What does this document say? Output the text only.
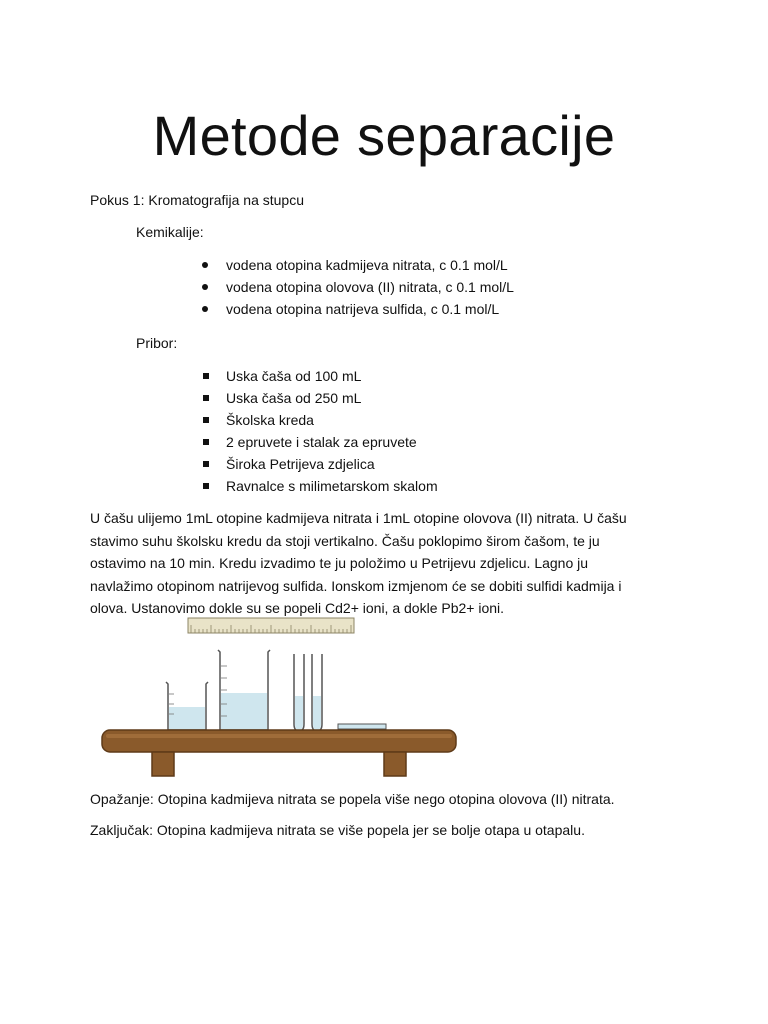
Metode separacije
Pokus 1: Kromatografija na stupcu
Kemikalije:
vodena otopina kadmijeva nitrata, c 0.1 mol/L
vodena otopina olovova (II) nitrata, c 0.1 mol/L
vodena otopina natrijeva sulfida, c 0.1 mol/L
Pribor:
Uska čaša od 100 mL
Uska čaša od 250 mL
Školska kreda
2 epruvete i stalak za epruvete
Široka Petrijeva zdjelica
Ravnalce s milimetarskom skalom

U čašu ulijemo 1mL otopine kadmijeva nitrata i 1mL otopine olovova (II) nitrata. U čašu

stavimo suhu školsku kredu da stoji vertikalno. Čašu poklopimo širom čašom, te ju

ostavimo na 10 min. Kredu izvadimo te ju položimo u Petrijevu zdjelicu. Lagno ju

navlažimo otopinom natrijevog sulfida. Ionskom izmjenom će se dobiti sulfidi kadmija i

olova. Ustanovimo dokle su se popeli Cd2+ ioni, a dokle Pb2+ ioni.

Opažanje: Otopina kadmijeva nitrata se popela više nego otopina olovova (II) nitrata.
Zaključak: Otopina kadmijeva nitrata se više popela jer se bolje otapa u otapalu.
